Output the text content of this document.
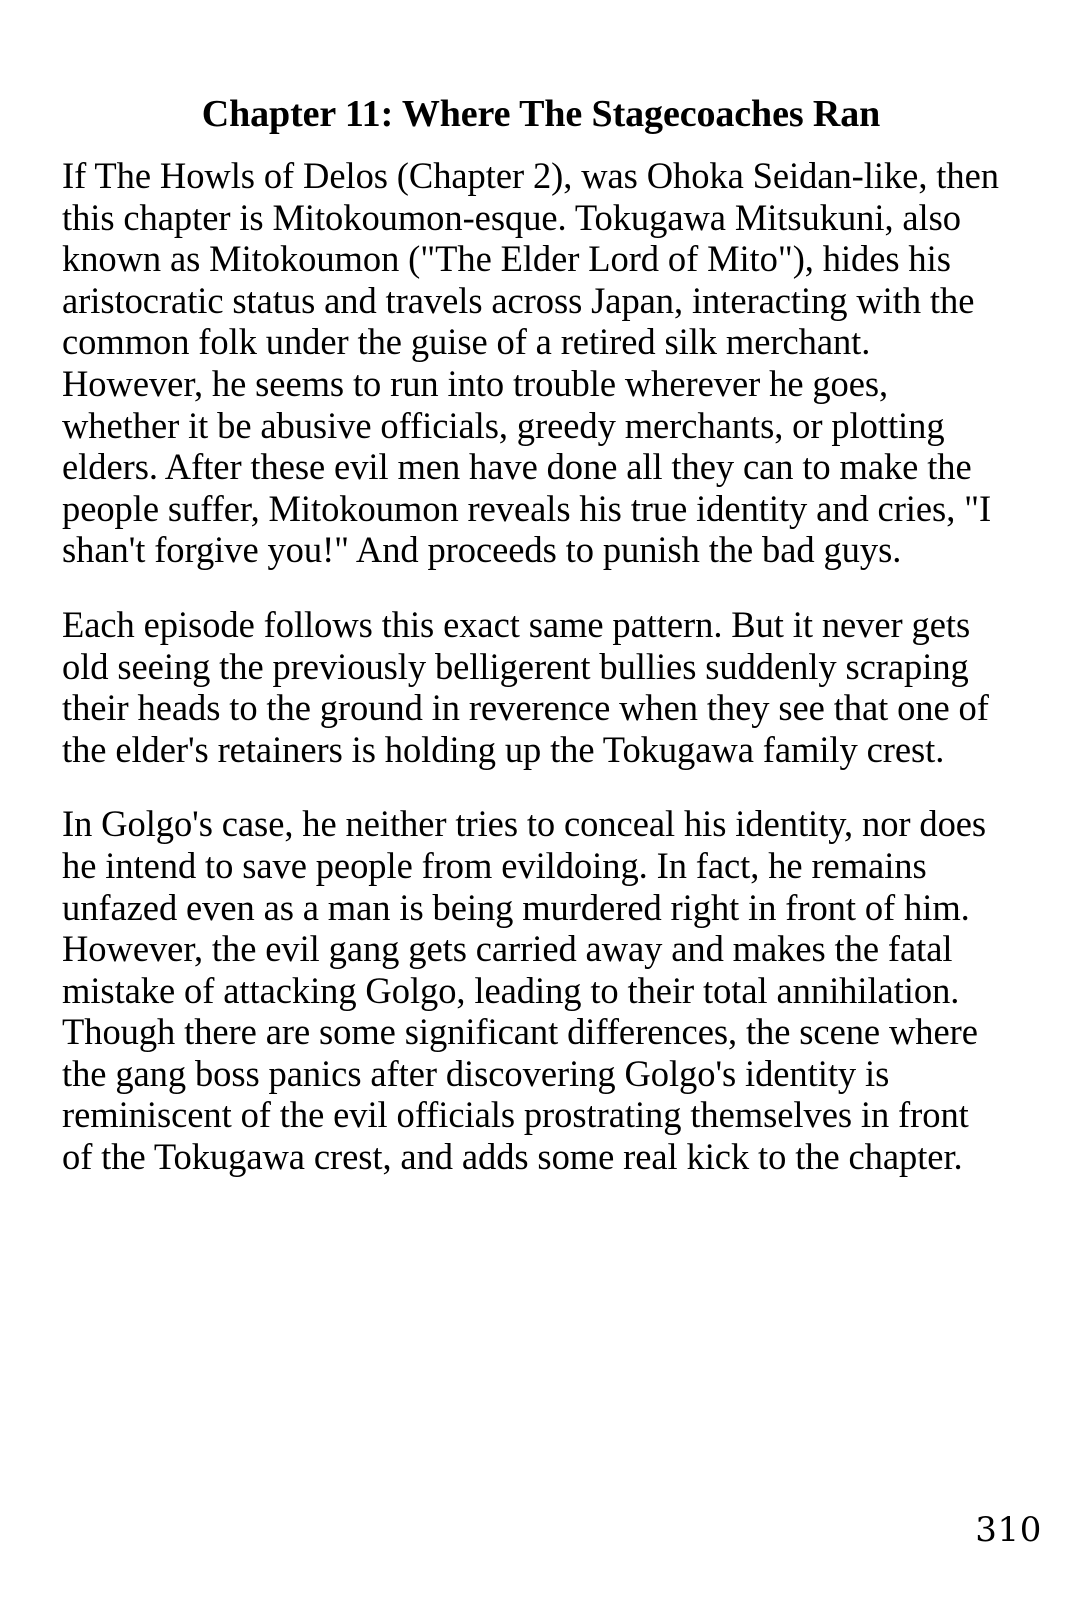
Chapter 11: Where The Stagecoaches Ran

If The Howls of Delos (Chapter 2), was Ohoka Seidan-like, then this chapter is Mitokoumon-esque. Tokugawa Mitsukuni, also known as Mitokoumon ("The Elder Lord of Mito"), hides his aristocratic status and travels across Japan, interacting with the common folk under the guise of a retired silk merchant. However, he seems to run into trouble wherever he goes, whether it be abusive officials, greedy merchants, or plotting elders. After these evil men have done all they can to make the people suffer, Mitokoumon reveals his true identity and cries, "I shan't forgive you!" And proceeds to punish the bad guys.

Each episode follows this exact same pattern. But it never gets old seeing the previously belligerent bullies suddenly scraping their heads to the ground in reverence when they see that one of the elder's retainers is holding up the Tokugawa family crest.

In Golgo's case, he neither tries to conceal his identity, nor does he intend to save people from evildoing. In fact, he remains unfazed even as a man is being murdered right in front of him. However, the evil gang gets carried away and makes the fatal mistake of attacking Golgo, leading to their total annihilation. Though there are some significant differences, the scene where the gang boss panics after discovering Golgo's identity is reminiscent of the evil officials prostrating themselves in front of the Tokugawa crest, and adds some real kick to the chapter.

310
